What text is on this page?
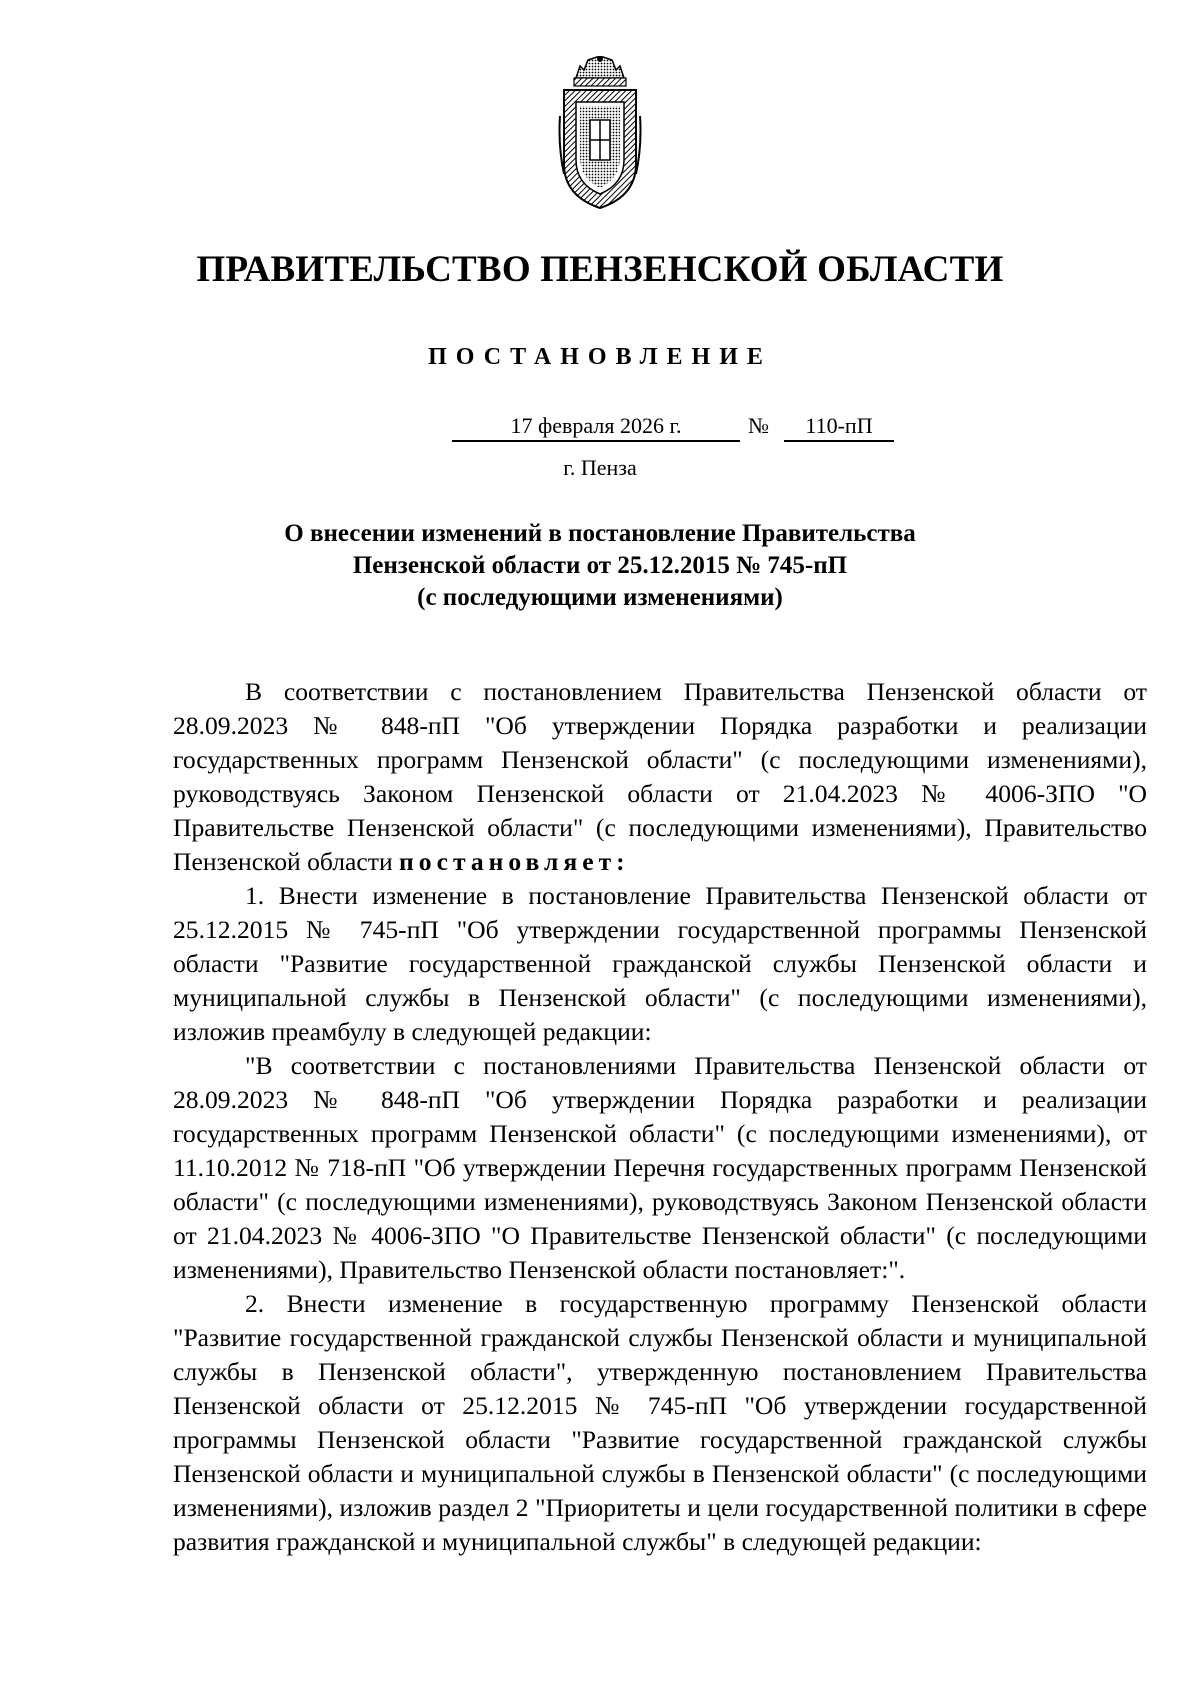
ПРАВИТЕЛЬСТВО ПЕНЗЕНСКОЙ ОБЛАСТИ
ПОСТАНОВЛЕНИЕ
17 февраля 2026 г.	№	110-пП
г. Пенза
О внесении изменений в постановление Правительства
Пензенской области от 25.12.2015 № 745-пП
(с последующими изменениями)

В соответствии с постановлением Правительства Пензенской области от 28.09.2023 № 848-пП "Об утверждении Порядка разработки и реализации государственных программ Пензенской области" (с последующими изменениями), руководствуясь Законом Пензенской области от 21.04.2023 № 4006-ЗПО "О Правительстве Пензенской области" (с последующими изменениями), Правительство Пензенской области постановляет:

1. Внести изменение в постановление Правительства Пензенской области от 25.12.2015 № 745-пП "Об утверждении государственной программы Пензенской области "Развитие государственной гражданской службы Пензенской области и муниципальной службы в Пензенской области" (с последующими изменениями), изложив преамбулу в следующей редакции:

"В соответствии с постановлениями Правительства Пензенской области от 28.09.2023 № 848-пП "Об утверждении Порядка разработки и реализации государственных программ Пензенской области" (с последующими изменениями), от 11.10.2012 № 718-пП "Об утверждении Перечня государственных программ Пензенской области" (с последующими изменениями), руководствуясь Законом Пензенской области от 21.04.2023 № 4006-ЗПО "О Правительстве Пензенской области" (с последующими изменениями), Правительство Пензенской области постановляет:".

2. Внести изменение в государственную программу Пензенской области "Развитие государственной гражданской службы Пензенской области и муниципальной службы в Пензенской области", утвержденную постановлением Правительства Пензенской области от 25.12.2015 № 745-пП "Об утверждении государственной программы Пензенской области "Развитие государственной гражданской службы Пензенской области и муниципальной службы в Пензенской области" (с последующими изменениями), изложив раздел 2 "Приоритеты и цели государственной политики в сфере развития гражданской и муниципальной службы" в следующей редакции:
